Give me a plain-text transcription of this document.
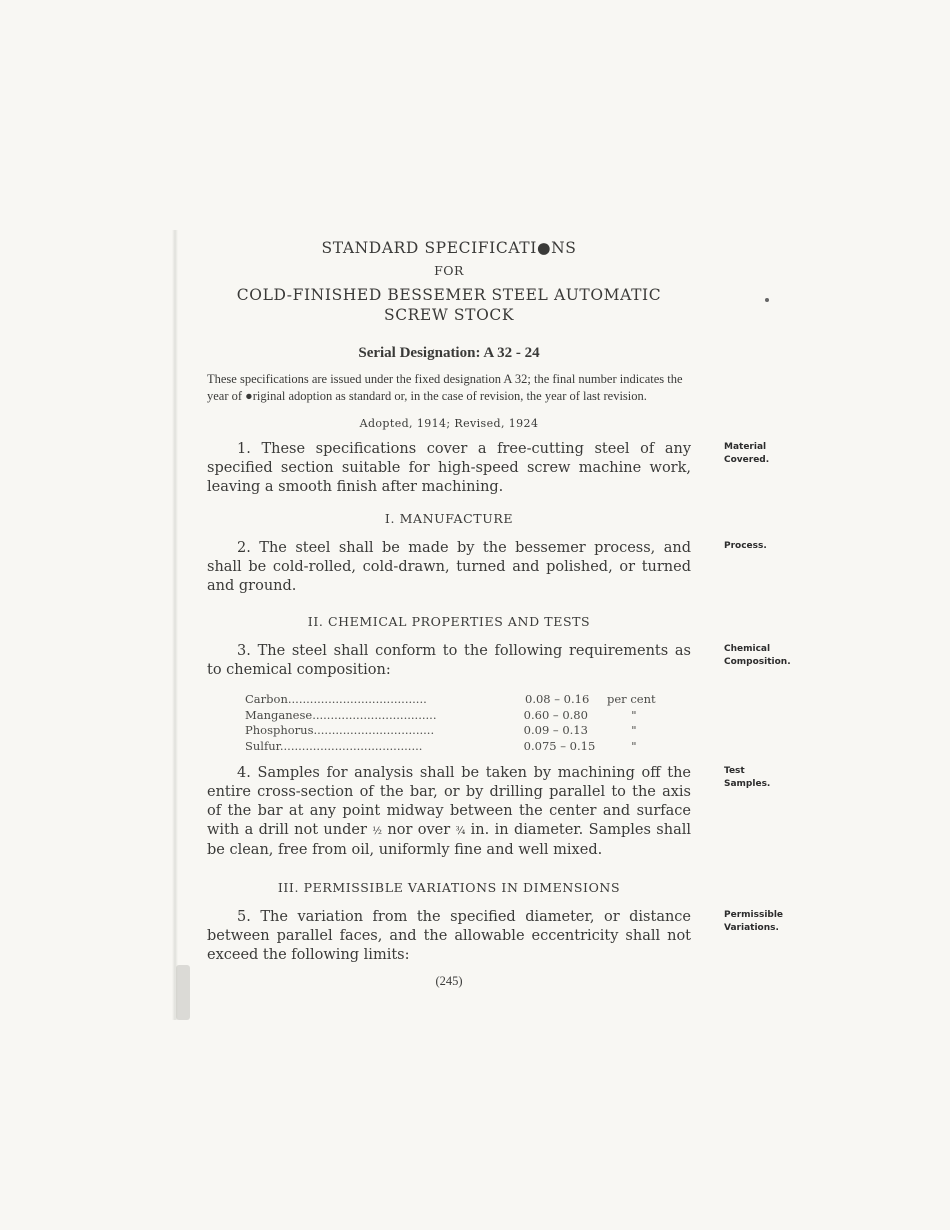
STANDARD SPECIFICATI●NS

FOR

COLD-FINISHED BESSEMER STEEL AUTOMATIC

SCREW STOCK

Serial Designation: A 32 - 24

These specifications are issued under the fixed designation A 32; the final number indicates the year of ●riginal adoption as standard or, in the case of revision, the year of last revision.

Adopted, 1914; Revised, 1924

1. These specifications cover a free-cutting steel of any specified section suitable for high-speed screw machine work, leaving a smooth finish after machining.
Material
Covered.

I. MANUFACTURE

2. The steel shall be made by the bessemer process, and shall be cold-rolled, cold-drawn, turned and polished, or turned and ground.
Process.

II. CHEMICAL PROPERTIES AND TESTS

3. The steel shall conform to the following requirements as to chemical composition:
Chemical
Composition.
Carbon......................................	0.08 – 0.16	per cent
Manganese..................................	0.60 – 0.80	"
Phosphorus.................................	0.09 – 0.13	"
Sulfur.......................................	0.075 – 0.15	"
4. Samples for analysis shall be taken by machining off the entire cross-section of the bar, or by drilling parallel to the axis of the bar at any point midway between the center and surface with a drill not under ½ nor over ¾ in. in diameter. Samples shall be clean, free from oil, uniformly fine and well mixed.
Test
Samples.

III. PERMISSIBLE VARIATIONS IN DIMENSIONS

5. The variation from the specified diameter, or distance between parallel faces, and the allowable eccentricity shall not exceed the following limits:
Permissible
Variations.

(245)
